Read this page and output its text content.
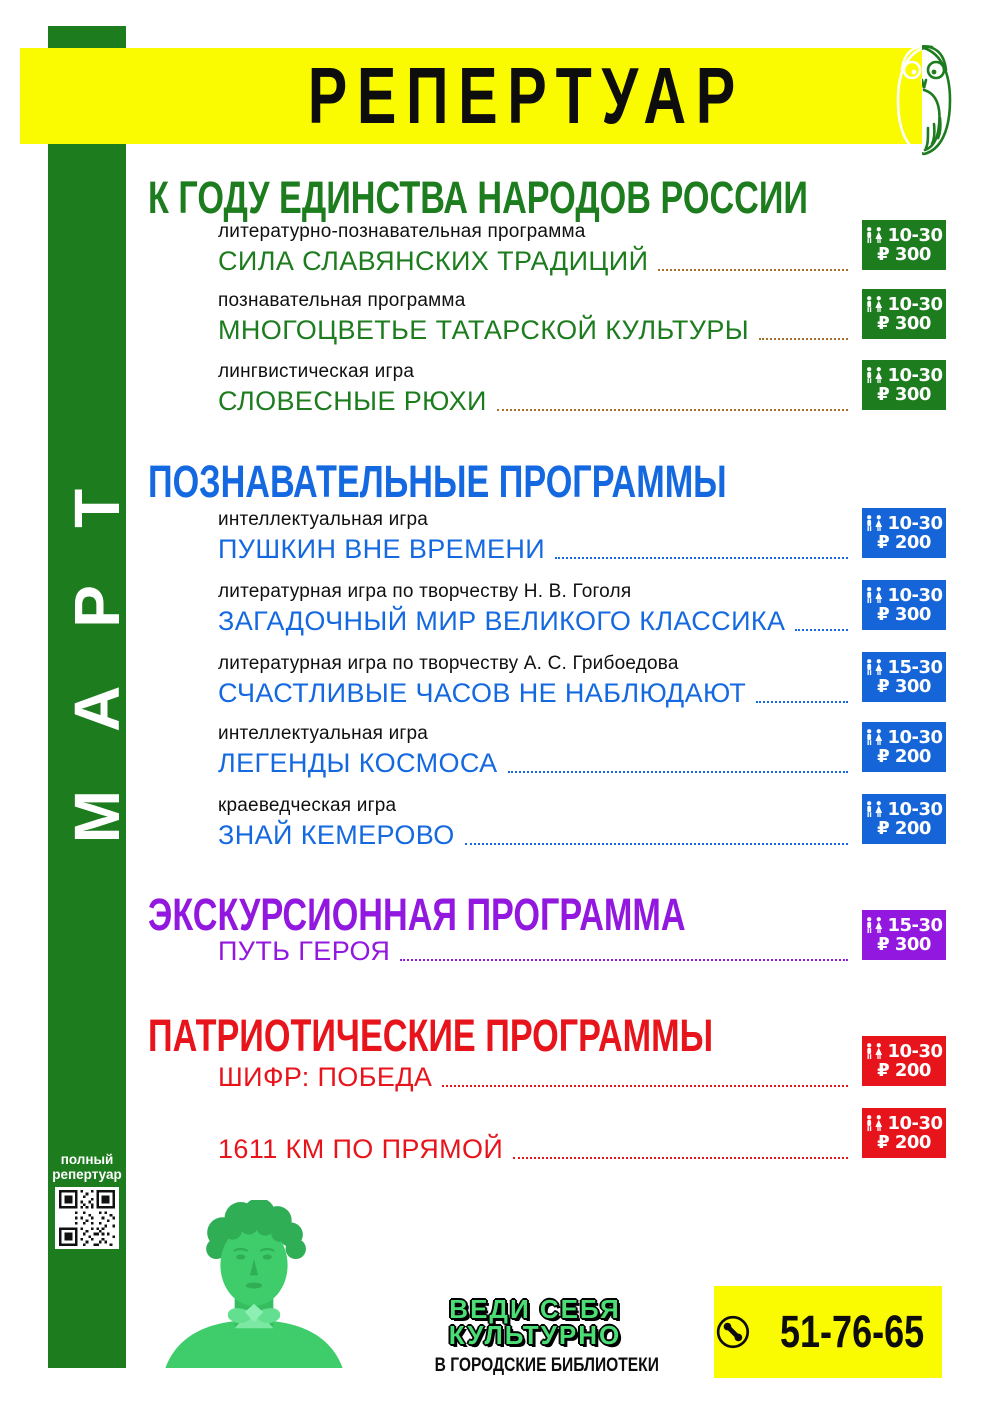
МАРТ
полный
репертуар
РЕПЕРТУАР
К ГОДУ ЕДИНСТВА НАРОДОВ РОССИИ
ПОЗНАВАТЕЛЬНЫЕ ПРОГРАММЫ
ЭКСКУРСИОННАЯ ПРОГРАММА
ПАТРИОТИЧЕСКИЕ ПРОГРАММЫ
литературно-познавательная программа
СИЛА СЛАВЯНСКИХ ТРАДИЦИЙ
10-30
₽ 300
познавательная программа
МНОГОЦВЕТЬЕ ТАТАРСКОЙ КУЛЬТУРЫ
10-30
₽ 300
лингвистическая игра
СЛОВЕСНЫЕ РЮХИ
10-30
₽ 300
интеллектуальная игра
ПУШКИН ВНЕ ВРЕМЕНИ
10-30
₽ 200
литературная игра по творчеству Н. В. Гоголя
ЗАГАДОЧНЫЙ МИР ВЕЛИКОГО КЛАССИКА
10-30
₽ 300
литературная игра по творчеству А. С. Грибоедова
СЧАСТЛИВЫЕ ЧАСОВ НЕ НАБЛЮДАЮТ
15-30
₽ 300
интеллектуальная игра
ЛЕГЕНДЫ КОСМОСА
10-30
₽ 200
краеведческая игра
ЗНАЙ КЕМЕРОВО
10-30
₽ 200
ПУТЬ ГЕРОЯ
15-30
₽ 300
ШИФР: ПОБЕДА
10-30
₽ 200
1611 КМ ПО ПРЯМОЙ
10-30
₽ 200
ВЕДИ СЕБЯ
КУЛЬТУРНО
В ГОРОДСКИЕ БИБЛИОТЕКИ
51-76-65
